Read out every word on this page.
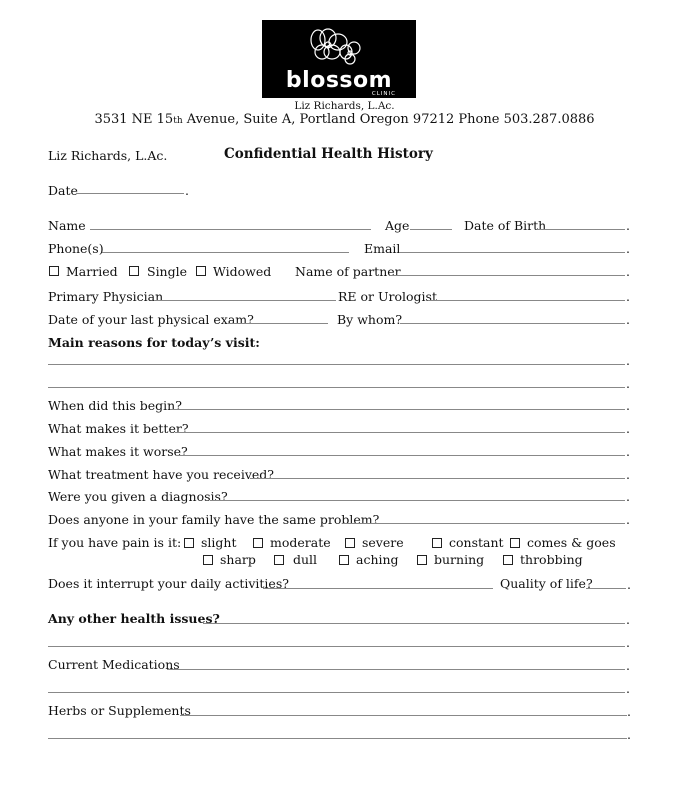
blossom
CLINIC
Liz Richards, L.Ac.
3531 NE 15th Avenue, Suite A, Portland Oregon 97212 Phone 503.287.0886
Liz Richards, L.Ac.	Confidential Health History
Date	.
Name	Age	Date of Birth	.
Phone(s)	Email	.
Married Single Widowed Name of partner	.
Primary Physician	RE or Urologist	.
Date of your last physical exam?	By whom?	.
Main reasons for today’s visit:
.
.
When did this begin?	.
What makes it better?	.
What makes it worse?	.
What treatment have you received?	.
Were you given a diagnosis?	.
Does anyone in your family have the same problem?	.
If you have pain is it: slight	moderate	severe	constant comes & goes
sharp	dull	aching	burning	throbbing
Does it interrupt your daily activities?	Quality of life?	.
Any other health issues?	.
.
Current Medications	.
.
Herbs or Supplements	.
.
